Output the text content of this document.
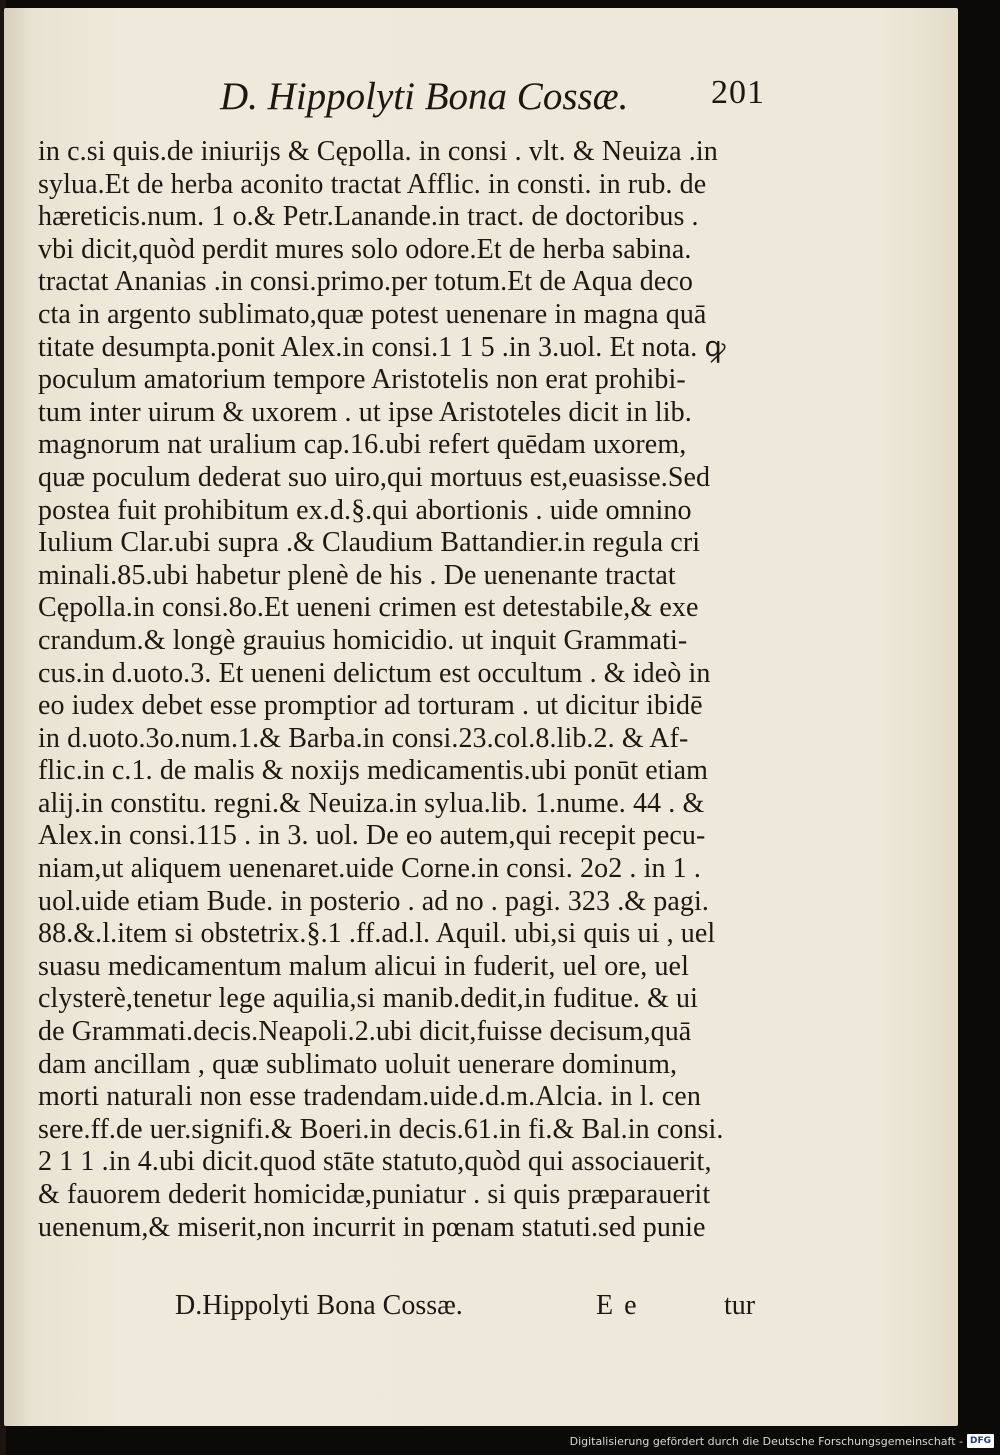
D. Hippolyti Bona Cossæ. 201
in c.si quis.de iniurijs & Cępolla. in consi . vlt. & Neuiza .in
sylua.Et de herba aconito tractat Afflic. in consti. in rub. de
hæreticis.num. 1 o.& Petr.Lanande.in tract. de doctoribus .
vbi dicit,quòd perdit mures solo odore.Et de herba sabina.
tractat Ananias .in consi.primo.per totum.Et de Aqua deco
cta in argento sublimato,quæ potest uenenare in magna quā
titate desumpta.ponit Alex.in consi.1 1 5 .in 3.uol. Et nota. ꝙ
poculum amatorium tempore Aristotelis non erat prohibi-
tum inter uirum & uxorem . ut ipse Aristoteles dicit in lib.
magnorum nat uralium cap.16.ubi refert quēdam uxorem,
quæ poculum dederat suo uiro,qui mortuus est,euasisse.Sed
postea fuit prohibitum ex.d.§.qui abortionis . uide omnino
Iulium Clar.ubi supra .& Claudium Battandier.in regula cri
minali.85.ubi habetur plenè de his . De uenenante tractat
Cępolla.in consi.8o.Et ueneni crimen est detestabile,& exe
crandum.& longè grauius homicidio. ut inquit Grammati-
cus.in d.uoto.3. Et ueneni delictum est occultum . & ideò in
eo iudex debet esse promptior ad torturam . ut dicitur ibidē
in d.uoto.3o.num.1.& Barba.in consi.23.col.8.lib.2. & Af-
flic.in c.1. de malis & noxijs medicamentis.ubi ponūt etiam
alij.in constitu. regni.& Neuiza.in sylua.lib. 1.nume. 44 . &
Alex.in consi.115 . in 3. uol. De eo autem,qui recepit pecu-
niam,ut aliquem uenenaret.uide Corne.in consi. 2o2 . in 1 .
uol.uide etiam Bude. in posterio . ad no . pagi. 323 .& pagi.
88.&.l.item si obstetrix.§.1 .ff.ad.l. Aquil. ubi,si quis ui , uel
suasu medicamentum malum alicui in fuderit, uel ore, uel
clysterè,tenetur lege aquilia,si manib.dedit,in fuditue. & ui
de Grammati.decis.Neapoli.2.ubi dicit,fuisse decisum,quā
dam ancillam , quæ sublimato uoluit uenerare dominum,
morti naturali non esse tradendam.uide.d.m.Alcia. in l. cen
sere.ff.de uer.signifi.& Boeri.in decis.61.in fi.& Bal.in consi.
2 1 1 .in 4.ubi dicit.quod stāte statuto,quòd qui associauerit,
& fauorem dederit homicidæ,puniatur . si quis præparauerit
uenenum,& miserit,non incurrit in pœnam statuti.sed punie
D.Hippolyti Bona Cossæ.	E e	tur
Digitalisierung gefördert durch die Deutsche Forschungsgemeinschaft - DFG
